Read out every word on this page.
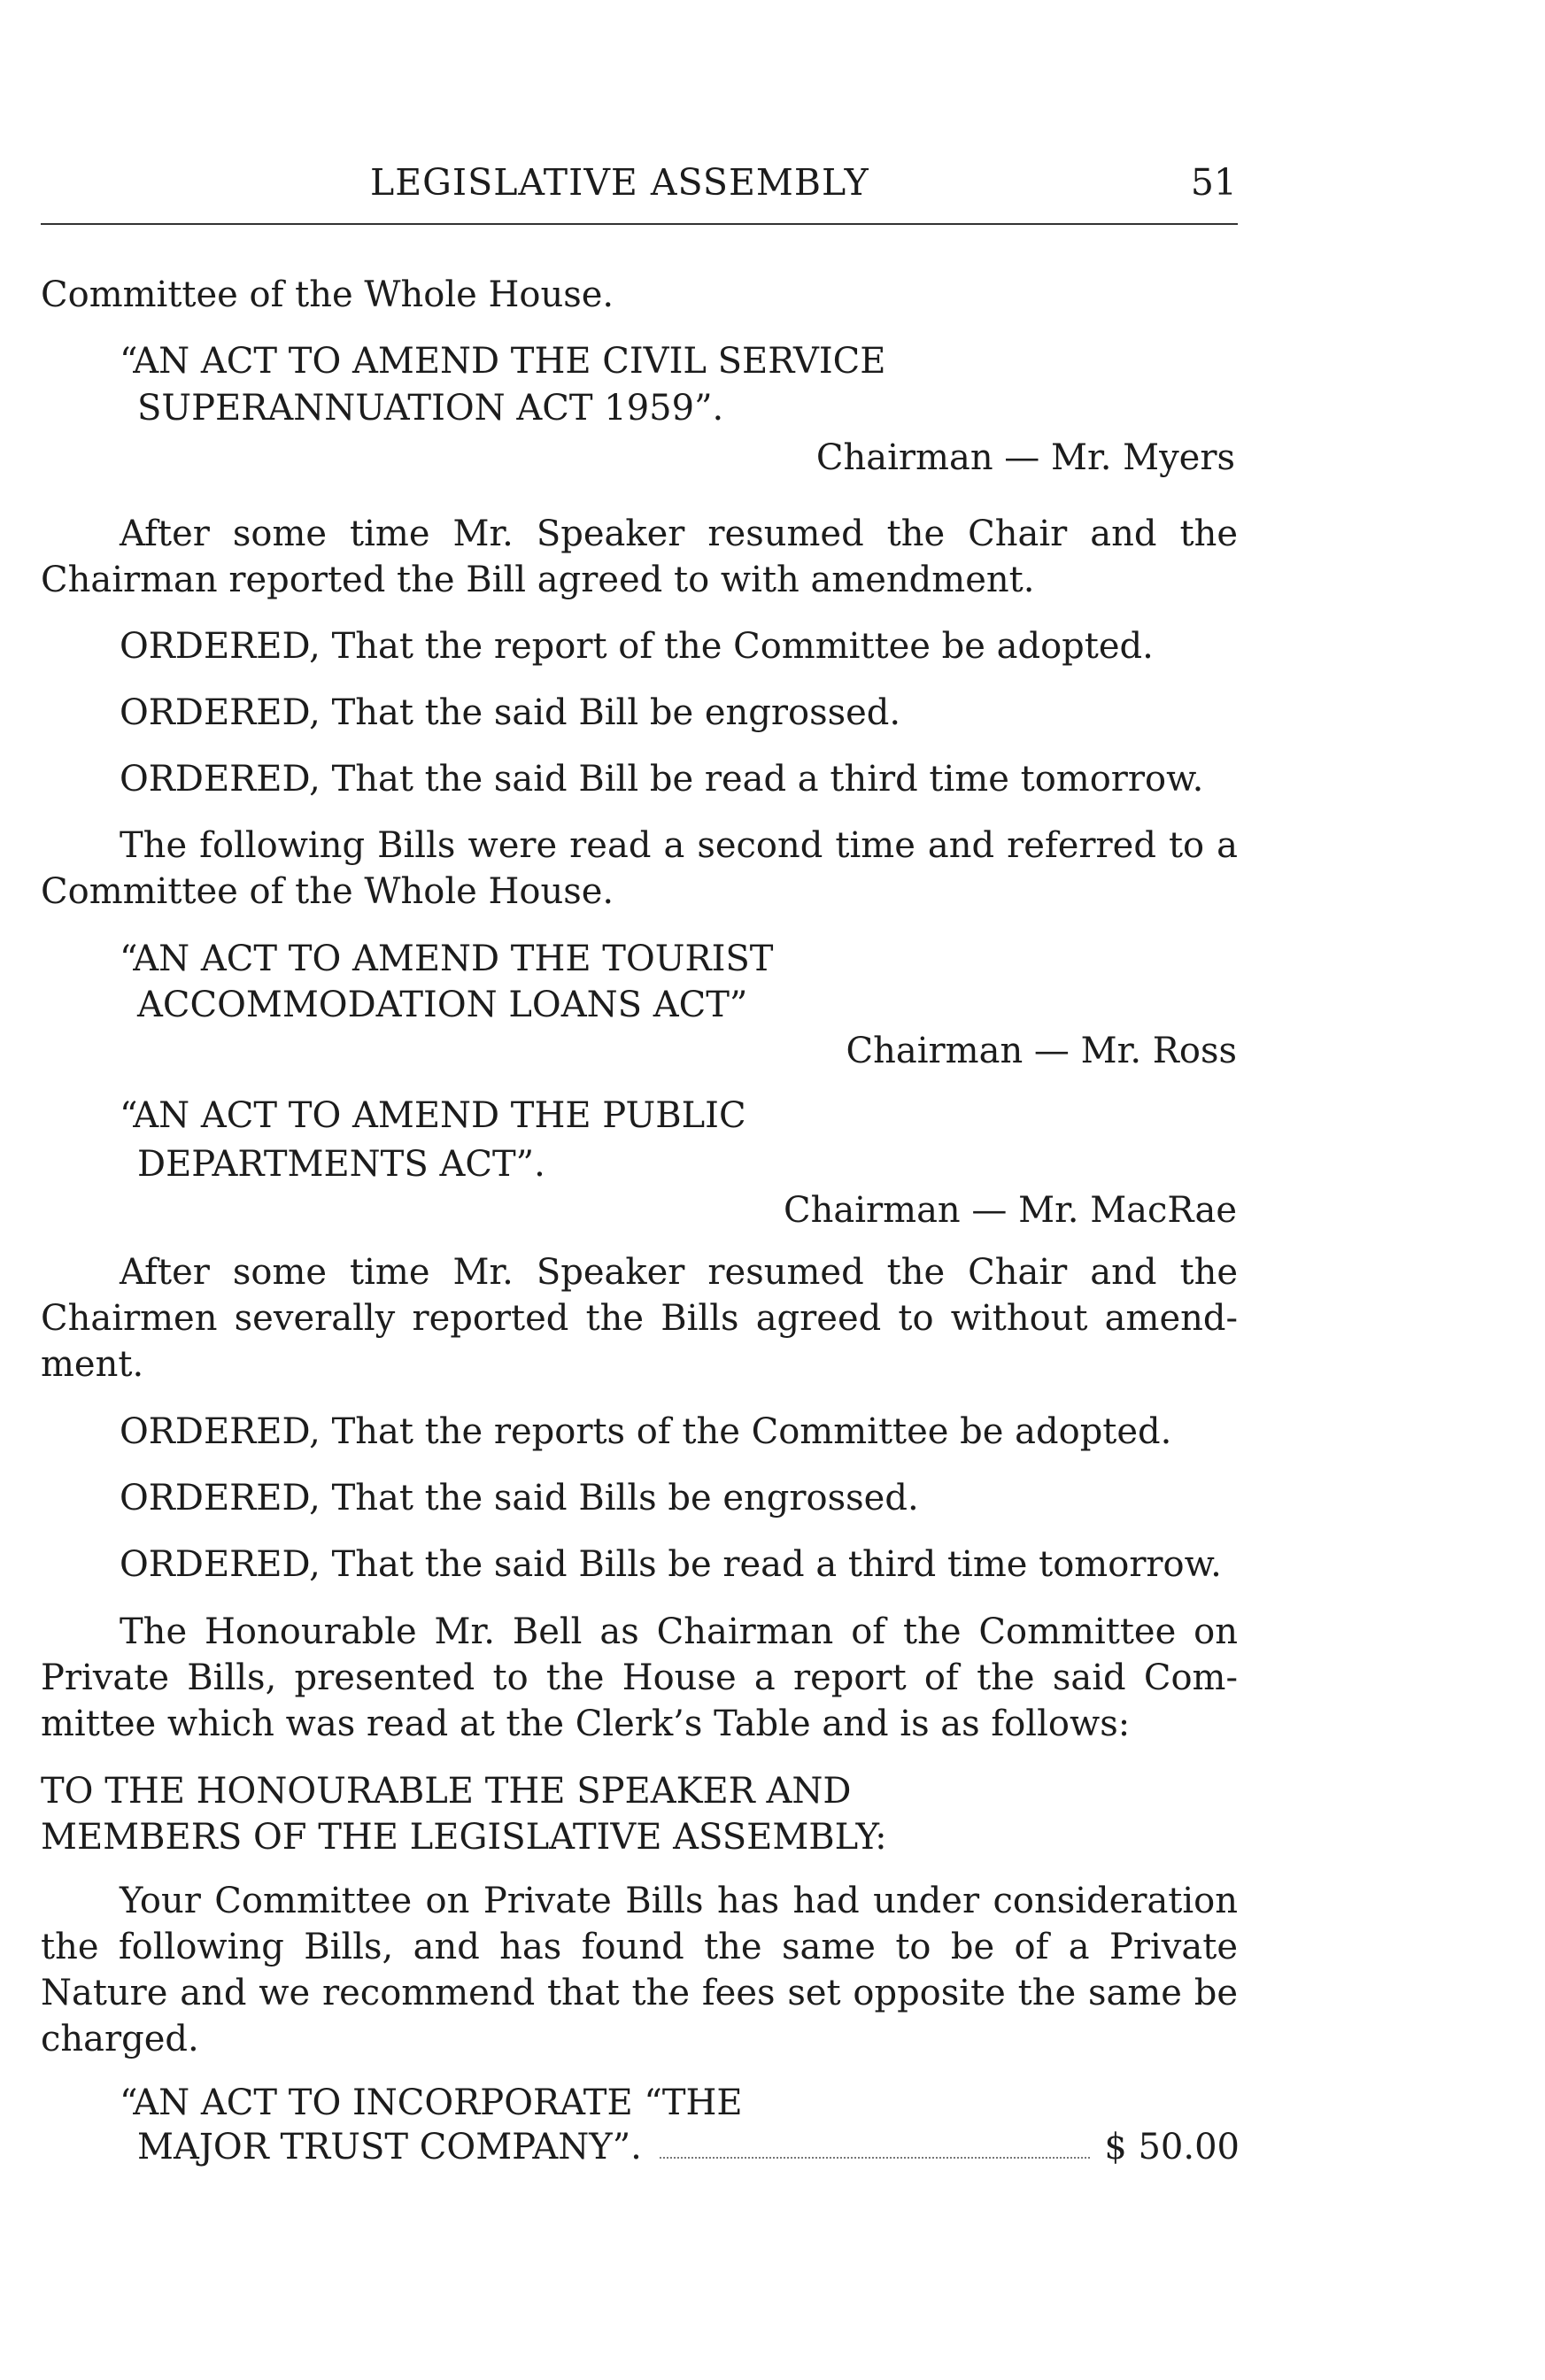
LEGISLATIVE ASSEMBLY	51
Committee of the Whole House.
“AN ACT TO AMEND THE CIVIL SERVICE
SUPERANNUATION ACT 1959”.
Chairman — Mr. Myers
After some time Mr. Speaker resumed the Chair and the
Chairman reported the Bill agreed to with amendment.
ORDERED, That the report of the Committee be adopted.
ORDERED, That the said Bill be engrossed.
ORDERED, That the said Bill be read a third time tomorrow.
The following Bills were read a second time and referred to a
Committee of the Whole House.
“AN ACT TO AMEND THE TOURIST
ACCOMMODATION LOANS ACT”
Chairman — Mr. Ross
“AN ACT TO AMEND THE PUBLIC
DEPARTMENTS ACT”.
Chairman — Mr. MacRae
After some time Mr. Speaker resumed the Chair and the
Chairmen severally reported the Bills agreed to without amend-
ment.
ORDERED, That the reports of the Committee be adopted.
ORDERED, That the said Bills be engrossed.
ORDERED, That the said Bills be read a third time tomorrow.
The Honourable Mr. Bell as Chairman of the Committee on
Private Bills, presented to the House a report of the said Com-
mittee which was read at the Clerk’s Table and is as follows:
TO THE HONOURABLE THE SPEAKER AND
MEMBERS OF THE LEGISLATIVE ASSEMBLY:
Your Committee on Private Bills has had under consideration
the following Bills, and has found the same to be of a Private
Nature and we recommend that the fees set opposite the same be
charged.
“AN ACT TO INCORPORATE “THE
MAJOR TRUST COMPANY”.	$ 50.00
